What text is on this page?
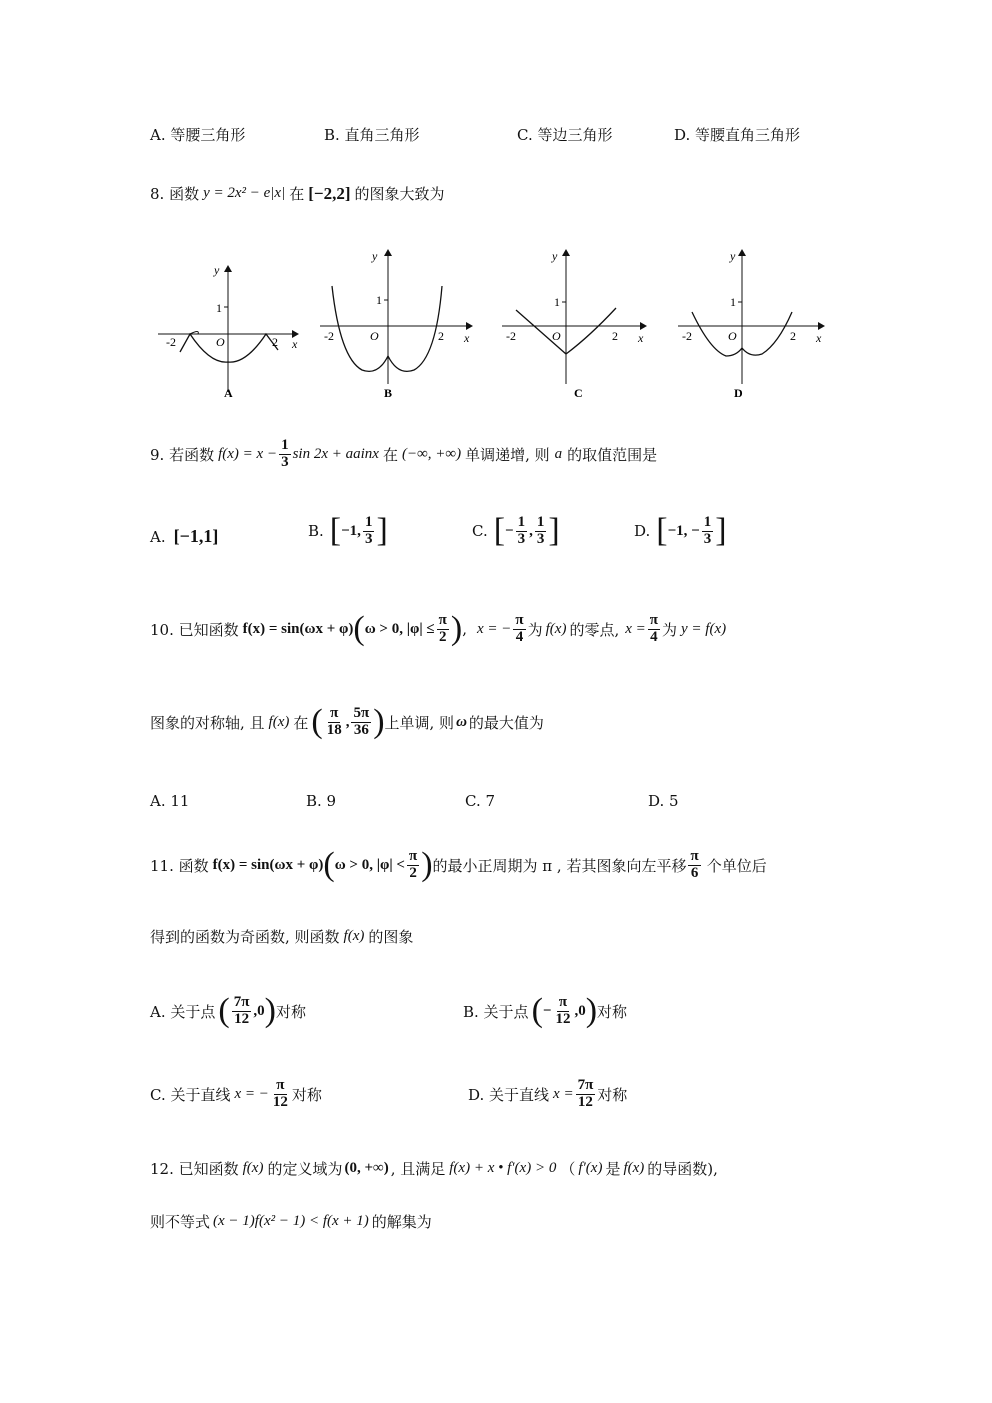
A. 等腰三角形	B. 直角三角形	C. 等边三角形	D. 等腰直角三角形
8. 函数 y = 2x² − e|x| 在 [−2,2] 的图象大致为
y
1
O
-2	2 x
A
y
1
O
-2	2 x
B
y
1
O
-2	2 x
C
y
1
O
-2	2 x
D
9. 若函数 $f(x) = x - \frac{1}{3}$ sin 2x + aainx 在 (−∞, +∞) 单调递增, 则 a 的取值范围是
A. [−1,1]	B. [ −1, $\frac{1}{3}$ ]	C. [ − $\frac{1}{3}$ , $\frac{1}{3}$ ]	D. [ −1, − $\frac{1}{3}$ ]
10. 已知函数 f(x) = sin(ωx + φ) ( ω > 0, $|\varphi| \le \frac{\pi}{2}$ ) , x = − $\frac{\pi}{4}$ 为 f(x) 的零点, $x = \frac{\pi}{4}$ 为 y = f(x)
图象的对称轴, 且 f(x) 在 ( $\frac{\pi}{18}$ , $\frac{5\pi}{36}$ ) 上单调, 则 ω 的最大值为
A. 11	B. 9	C. 7	D. 5
11. 函数 f(x) = sin(ωx + φ) ( ω > 0, $|\varphi| < \frac{\pi}{2}$ ) 的最小正周期为 π , 若其图象向左平移 $\frac{\pi}{6}$ 个单位后
得到的函数为奇函数, 则函数 f(x) 的图象
A. 关于点 ( $\frac{7\pi}{12} ,0$ ) 对称	B. 关于点 ( − $\frac{\pi}{12} ,0$ ) 对称
C. 关于直线 x = − $\frac{\pi}{12}$ 对称	D. 关于直线 $x = \frac{7\pi}{12}$ 对称
12. 已知函数 f(x) 的定义域为 (0, +∞) , 且满足 f(x) + x • f′(x) > 0 （ f′(x) 是 f(x) 的导函数),
则不等式 (x − 1)f(x² − 1) < f(x + 1) 的解集为
